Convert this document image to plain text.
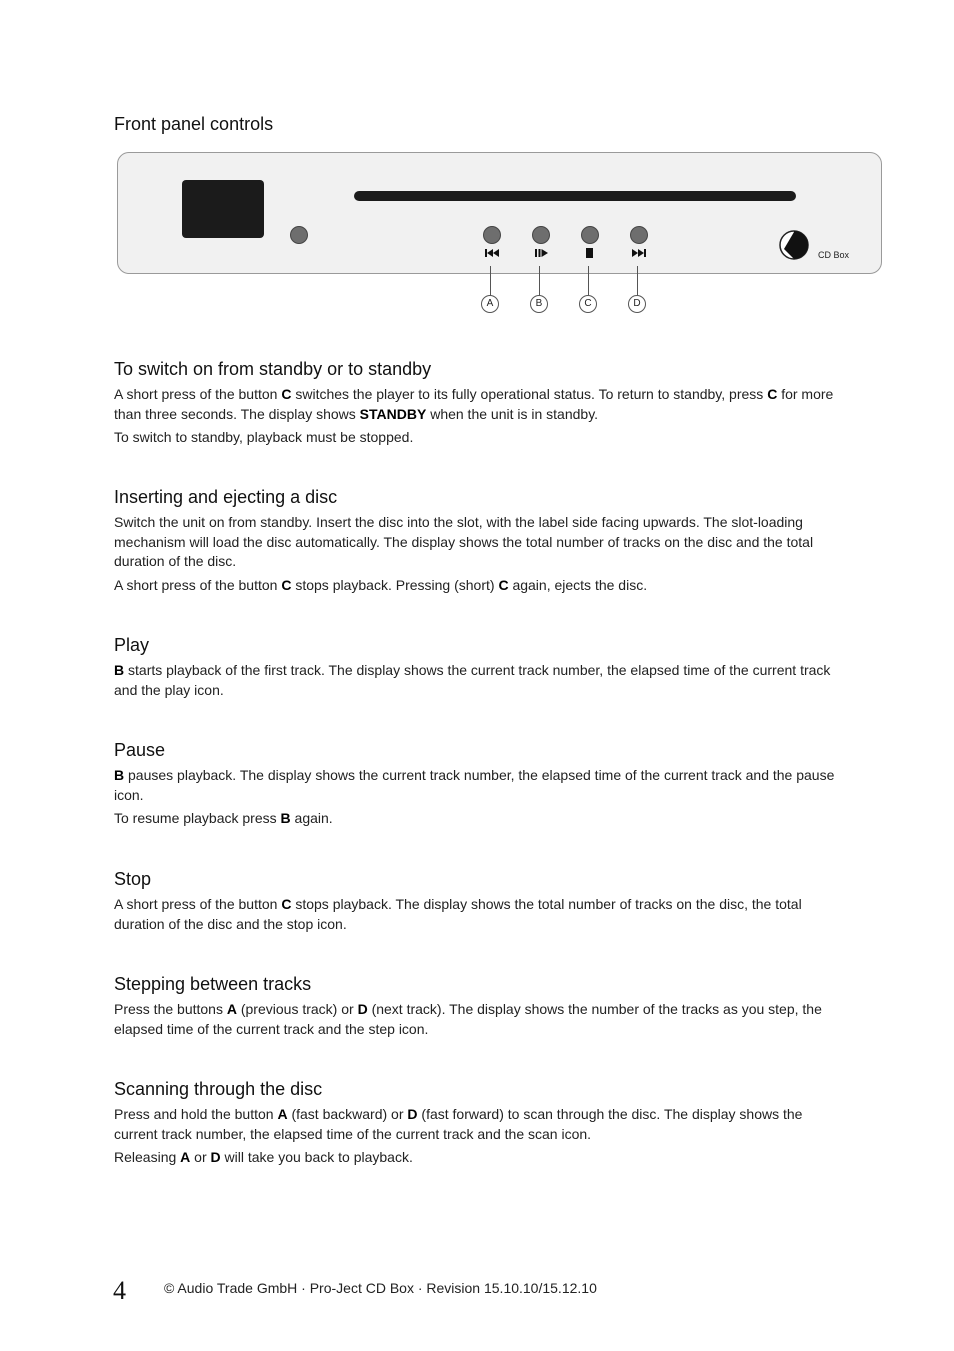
Front panel controls
CD Box
A	B	C	D
To switch on from standby or to standby

A short press of the button C switches the player to its fully operational status. To return to standby, press C for more than three seconds. The display shows STANDBY when the unit is in standby.

To switch to standby, playback must be stopped.

Inserting and ejecting a disc

Switch the unit on from standby. Insert the disc into the slot, with the label side facing upwards. The slot-loading mechanism will load the disc automatically. The display shows the total number of tracks on the disc and the total duration of the disc.

A short press of the button C stops playback. Pressing (short) C again, ejects the disc.

Play

B starts playback of the first track. The display shows the current track number, the elapsed time of the current track and the play icon.

Pause

B pauses playback. The display shows the current track number, the elapsed time of the current track and the pause icon.

To resume playback press B again.

Stop

A short press of the button C stops playback. The display shows the total number of tracks on the disc, the total duration of the disc and the stop icon.

Stepping between tracks

Press the buttons A (previous track) or D (next track). The display shows the number of the tracks as you step, the elapsed time of the current track and the step icon.

Scanning through the disc

Press and hold the button A (fast backward) or D (fast forward) to scan through the disc. The display shows the current track number, the elapsed time of the current track and the scan icon.

Releasing A or D will take you back to playback.

4	© Audio Trade GmbH · Pro-Ject CD Box · Revision 15.10.10/15.12.10
